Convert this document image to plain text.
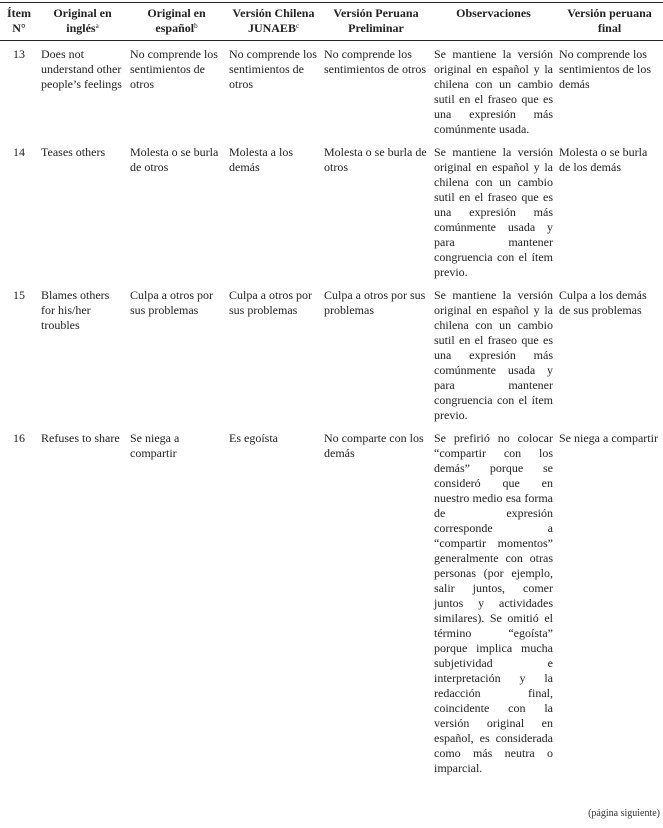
Ítem N°	Original en inglés$^a$	Original en español$^b$	Versión Chilena JUNAEB$^c$	Versión Peruana Preliminar	Observaciones	Versión peruana final
13	Does not understand other people’s feelings	No comprende los sentimientos de otros	No comprende los sentimientos de otros	No comprende los sentimientos de otros	Se mantiene la versión original en español y la chilena con un cambio sutil en el fraseo que es una expresión más comúnmente usada.	No comprende los sentimientos de los demás
14	Teases others	Molesta o se burla de otros	Molesta a los demás	Molesta o se burla de otros	Se mantiene la versión original en español y la chilena con un cambio sutil en el fraseo que es una expresión más comúnmente usada y para mantener congruencia con el ítem previo.	Molesta o se burla de los demás
15	Blames others for his/her troubles	Culpa a otros por sus problemas	Culpa a otros por sus problemas	Culpa a otros por sus problemas	Se mantiene la versión original en español y la chilena con un cambio sutil en el fraseo que es una expresión más comúnmente usada y para mantener congruencia con el ítem previo.	Culpa a los demás de sus problemas
16	Refuses to share	Se niega a compartir	Es egoísta	No comparte con los demás	Se prefirió no colocar “compartir con los demás” porque se consideró que en nuestro medio esa forma de expresión corresponde a “compartir momentos” generalmente con otras personas (por ejemplo, salir juntos, comer juntos y actividades similares). Se omitió el término “egoísta” porque implica mucha subjetividad e interpretación y la redacción final, coincidente con la versión original en español, es considerada como más neutra o imparcial.	Se niega a compartir
(página siguiente)
